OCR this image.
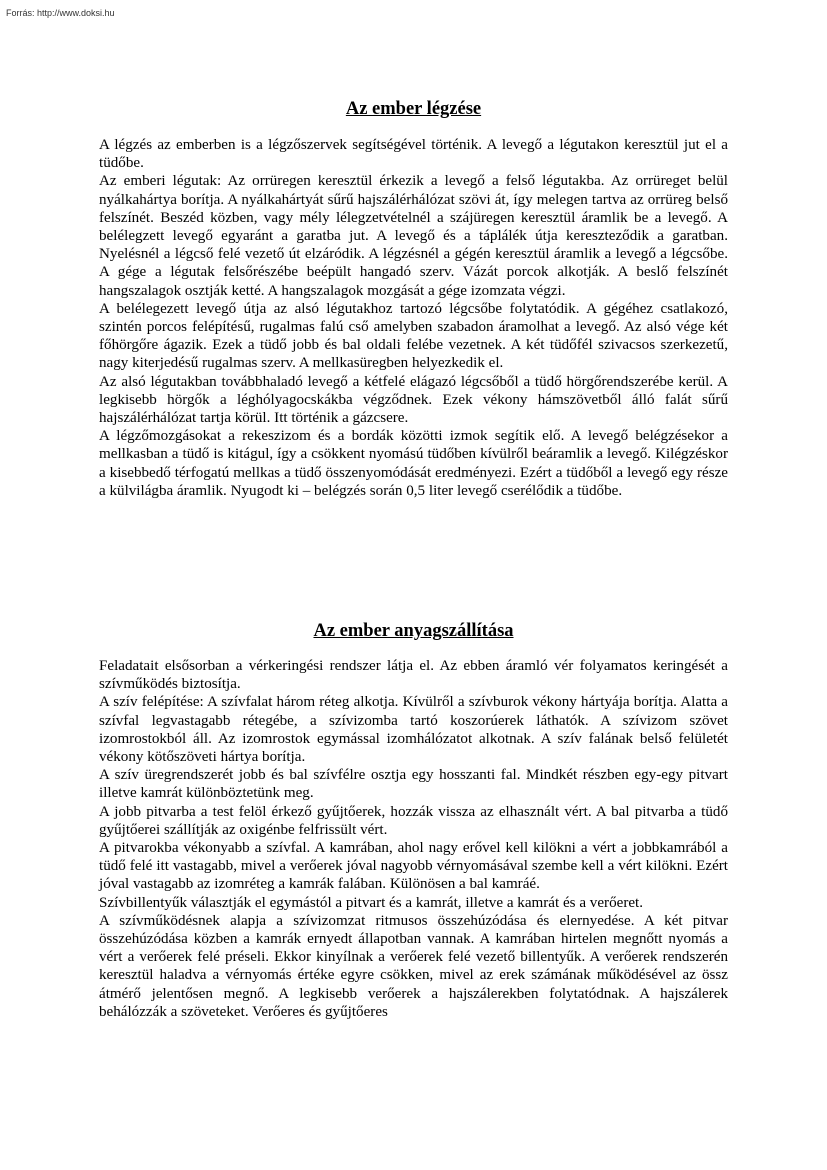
Forrás: http://www.doksi.hu
Az ember légzése

A légzés az emberben is a légzőszervek segítségével történik. A levegő a légutakon keresztül jut el a tüdőbe.

Az emberi légutak: Az orrüregen keresztül érkezik a levegő a felső légutakba. Az orrüreget belül nyálkahártya borítja. A nyálkahártyát sűrű hajszálérhálózat szövi át, így melegen tartva az orrüreg belső felszínét. Beszéd közben, vagy mély lélegzetvételnél a szájüregen keresztül áramlik be a levegő. A belélegzett levegő egyaránt a garatba jut. A levegő és a táplálék útja kereszteződik a garatban. Nyelésnél a légcső felé vezető út elzáródik. A légzésnél a gégén keresztül áramlik a levegő a légcsőbe. A gége a légutak felsőrészébe beépült hangadó szerv. Vázát porcok alkotják. A beslő felszínét hangszalagok osztják ketté. A hangszalagok mozgását a gége izomzata végzi.

A belélegezett levegő útja az alsó légutakhoz tartozó légcsőbe folytatódik. A gégéhez csatlakozó, szintén porcos felépítésű, rugalmas falú cső amelyben szabadon áramolhat a levegő. Az alsó vége két főhörgőre ágazik. Ezek a tüdő jobb és bal oldali felébe vezetnek. A két tüdőfél szivacsos szerkezetű, nagy kiterjedésű rugalmas szerv. A mellkasüregben helyezkedik el.

Az alsó légutakban továbbhaladó levegő a kétfelé elágazó légcsőből a tüdő hörgőrendszerébe kerül. A legkisebb hörgők a léghólyagocskákba végződnek. Ezek vékony hámszövetből álló falát sűrű hajszálérhálózat tartja körül. Itt történik a gázcsere.

A légzőmozgásokat a rekeszizom és a bordák közötti izmok segítik elő. A levegő belégzésekor a mellkasban a tüdő is kitágul, így a csökkent nyomású tüdőben kívülről beáramlik a levegő. Kilégzéskor a kisebbedő térfogatú mellkas a tüdő összenyomódását eredményezi. Ezért a tüdőből a levegő egy része a külvilágba áramlik. Nyugodt ki – belégzés során 0,5 liter levegő cserélődik a tüdőbe.

Az ember anyagszállítása

Feladatait elsősorban a vérkeringési rendszer látja el. Az ebben áramló vér folyamatos keringését a szívműködés biztosítja.

A szív felépítése: A szívfalat három réteg alkotja. Kívülről a szívburok vékony hártyája borítja. Alatta a szívfal legvastagabb rétegébe, a szívizomba tartó koszorúerek láthatók. A szívizom szövet izomrostokból áll. Az izomrostok egymással izomhálózatot alkotnak. A szív falának belső felületét vékony kötőszöveti hártya borítja.

A szív üregrendszerét jobb és bal szívfélre osztja egy hosszanti fal. Mindkét részben egy-egy pitvart illetve kamrát különböztetünk meg.

A jobb pitvarba a test felöl érkező gyűjtőerek, hozzák vissza az elhasznált vért. A bal pitvarba a tüdő gyűjtőerei szállítják az oxigénbe felfrissült vért.

A pitvarokba vékonyabb a szívfal. A kamrában, ahol nagy erővel kell kilökni a vért a jobbkamrából a tüdő felé itt vastagabb, mivel a verőerek jóval nagyobb vérnyomásával szembe kell a vért kilökni. Ezért jóval vastagabb az izomréteg a kamrák falában. Különösen a bal kamráé.

Szívbillentyűk választják el egymástól a pitvart és a kamrát, illetve a kamrát és a verőeret.

A szívműködésnek alapja a szívizomzat ritmusos összehúzódása és elernyedése. A két pitvar összehúzódása közben a kamrák ernyedt állapotban vannak. A kamrában hirtelen megnőtt nyomás a vért a verőerek felé préseli. Ekkor kinyílnak a verőerek felé vezető billentyűk. A verőerek rendszerén keresztül haladva a vérnyomás értéke egyre csökken, mivel az erek számának működésével az össz átmérő jelentősen megnő. A legkisebb verőerek a hajszálerekben folytatódnak. A hajszálerek behálózzák a szöveteket. Verőeres és gyűjtőeres
